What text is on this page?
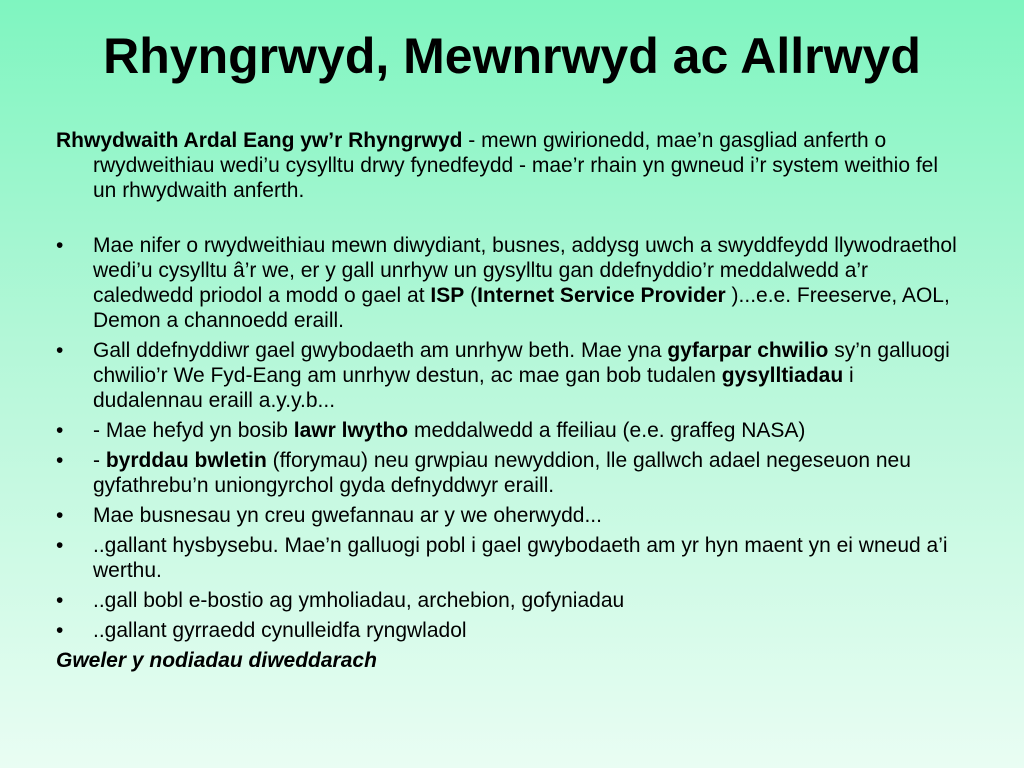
Rhyngrwyd, Mewnrwyd ac Allrwyd

Rhwydwaith Ardal Eang yw’r Rhyngrwyd - mewn gwirionedd, mae’n gasgliad anferth o rwydweithiau wedi’u cysylltu drwy fynedfeydd - mae’r rhain yn gwneud i’r system weithio fel un rhwydwaith anferth.

•	Mae nifer o rwydweithiau mewn diwydiant, busnes, addysg uwch a swyddfeydd llywodraethol wedi’u cysylltu â’r we, er y gall unrhyw un gysylltu gan ddefnyddio’r meddalwedd a’r caledwedd priodol a modd o gael at ISP (Internet Service Provider )...e.e. Freeserve, AOL, Demon a channoedd eraill.
•	Gall ddefnyddiwr gael gwybodaeth am unrhyw beth. Mae yna gyfarpar chwilio sy’n galluogi chwilio’r We Fyd-Eang am unrhyw destun, ac mae gan bob tudalen gysylltiadau i dudalennau eraill a.y.y.b...
•	- Mae hefyd yn bosib lawr lwytho meddalwedd a ffeiliau (e.e. graffeg NASA)
•	- byrddau bwletin (fforymau) neu grwpiau newyddion, lle gallwch adael negeseuon neu gyfathrebu’n uniongyrchol gyda defnyddwyr eraill.
•	Mae busnesau yn creu gwefannau ar y we oherwydd...
•	..gallant hysbysebu. Mae’n galluogi pobl i gael gwybodaeth am yr hyn maent yn ei wneud a’i werthu.
•	..gall bobl e-bostio ag ymholiadau, archebion, gofyniadau
•	..gallant gyrraedd cynulleidfa ryngwladol
Gweler y nodiadau diweddarach
